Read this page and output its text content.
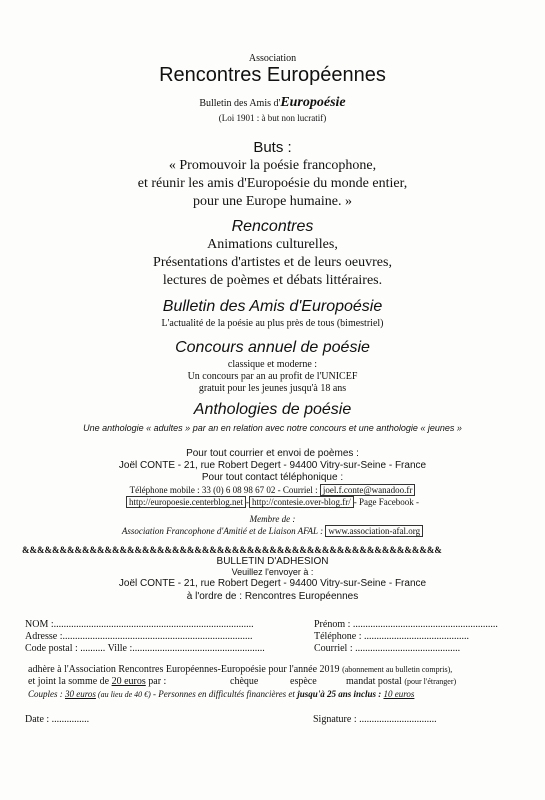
Association
Rencontres Européennes
Bulletin des Amis d'Europoésie
(Loi 1901 : à but non lucratif)
Buts :
« Promouvoir la poésie francophone,
et réunir les amis d'Europoésie du monde entier,
pour une Europe humaine. »
Rencontres
Animations culturelles,
Présentations d'artistes et de leurs oeuvres,
lectures de poèmes et débats littéraires.
Bulletin des Amis d'Europoésie
L'actualité de la poésie au plus près de tous (bimestriel)
Concours annuel de poésie
classique et moderne :
Un concours par an au profit de l'UNICEF
gratuit pour les jeunes jusqu'à 18 ans
Anthologies de poésie
Une anthologie « adultes » par an en relation avec notre concours et une anthologie « jeunes »
Pour tout courrier et envoi de poèmes :
Joël CONTE - 21, rue Robert Degert - 94400 Vitry-sur-Seine - France
Pour tout contact téléphonique :
Téléphone mobile : 33 (0) 6 08 98 67 02 - Courriel : joel.f.conte@wanadoo.fr
http://europoesie.centerblog.net - http://contesie.over-blog.fr/ - Page Facebook -
Membre de :
Association Francophone d'Amitié et de Liaison AFAL : www.association-afal.org
&&&&&&&&&&&&&&&&&&&&&&&&&&&&&&&&&&&&&&&&&&&&&&&&&&&&&&&&
BULLETIN D'ADHESION
Veuillez l'envoyer à :
Joël CONTE - 21, rue Robert Degert - 94400 Vitry-sur-Seine - France
à l'ordre de : Rencontres Européennes
NOM :................................................................................	Prénom : ..........................................................
Adresse :............................................................................	Téléphone : ..........................................
Code postal : .......... Ville :.....................................................	Courriel : ..........................................
adhère à l'Association Rencontres Européennes-Europoésie pour l'année 2019 (abonnement au bulletin compris),
et joint la somme de 20 euros par :	chèque	espèce	mandat postal (pour l'étranger)
Couples : 30 euros (au lieu de 40 €) - Personnes en difficultés financières et jusqu'à 25 ans inclus : 10 euros
Date : ...............	Signature : ...............................
